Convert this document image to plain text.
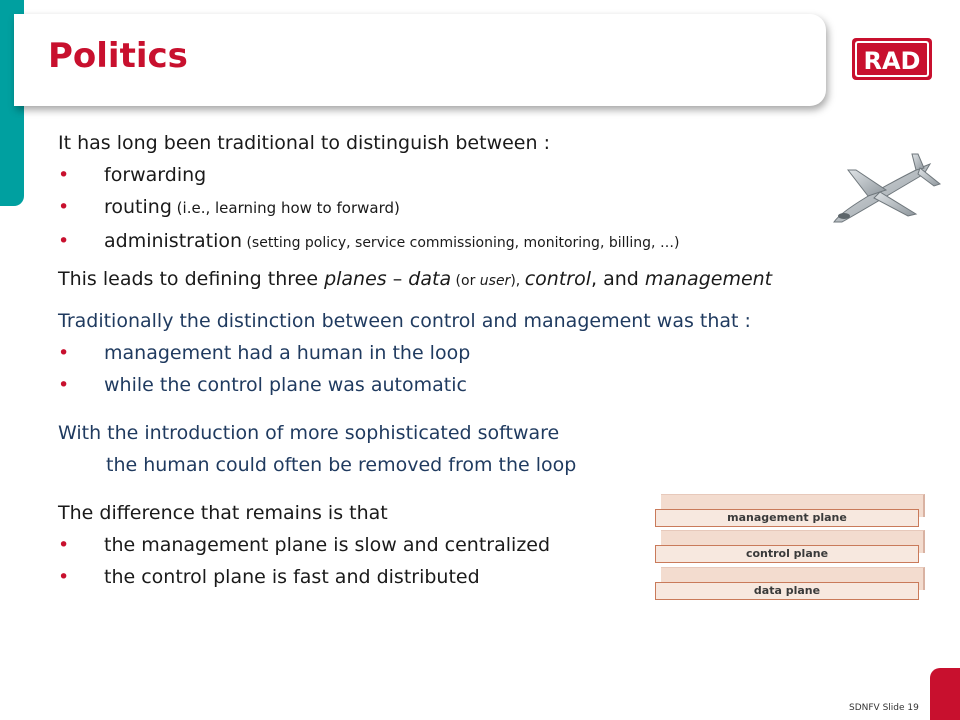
Politics	RAD
It has long been traditional to distinguish between :
• forwarding
• routing (i.e., learning how to forward)
• administration (setting policy, service commissioning, monitoring, billing, …)
This leads to defining three planes – data (or user), control, and management
Traditionally the distinction between control and management was that :
• management had a human in the loop
• while the control plane was automatic
With the introduction of more sophisticated software
the human could often be removed from the loop
The difference that remains is that
• the management plane is slow and centralized
• the control plane is fast and distributed
management plane
control plane
data plane
SDNFV Slide 19
